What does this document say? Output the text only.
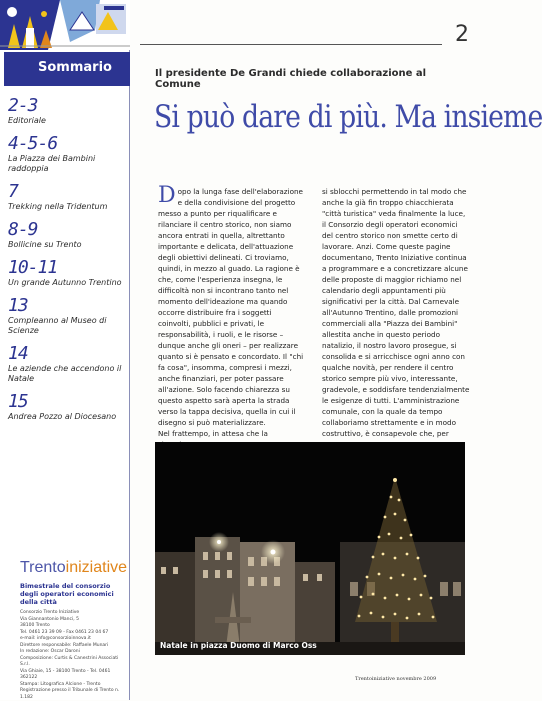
Sommario
2-3
Editoriale
4-5-6
La Piazza dei Bambini raddoppia
7
Trekking nella Tridentum
8-9
Bollicine su Trento
10-11
Un grande Autunno Trentino
13
Compleanno al Museo di Scienze
14
Le aziende che accendono il Natale
15
Andrea Pozzo al Diocesano
Trentoiniziative
Bimestrale del consorzio degli operatori economici della città
Consorzio Trento Iniziative
Via Giannantonio Manci, 5
38100 Trento
Tel. 0461 23 39 09 - Fax 0461 23 04 67
e-mail: info@consorzioinnova.it
Direttore responsabile: Raffaele Munari
In redazione: Oscar Daroni
Composizione: Curtis & Canestrini Associati S.r.l.
Via Ghiaie, 15 - 38100 Trento - Tel. 0461 362122
Stampa: Litografica Alcione - Trento
Registrazione presso il Tribunale di Trento n. 1.182
2
Il presidente De Grandi chiede collaborazione al Comune
Si può dare di più. Ma insieme
D opo la lunga fase dell'elaborazione e della condivisione del progetto messo a punto per riqualificare e rilanciare il centro storico, non siamo ancora entrati in quella, altrettanto importante e delicata, dell'attuazione degli obiettivi delineati. Ci troviamo, quindi, in mezzo al guado. La ragione è che, come l'esperienza insegna, le difficoltà non si incontrano tanto nel momento dell'ideazione ma quando occorre distribuire fra i soggetti coinvolti, pubblici e privati, le responsabilità, i ruoli, e le risorse – dunque anche gli oneri – per realizzare quanto si è pensato e concordato. Il "chi fa cosa", insomma, compresi i mezzi, anche finanziari, per poter passare all'azione. Solo facendo chiarezza su questo aspetto sarà aperta la strada verso la tappa decisiva, quella in cui il disegno si può materializzare.
Nel frattempo, in attesa che la
si sblocchi permettendo in tal modo che anche la già fin troppo chiacchierata "città turistica" veda finalmente la luce, il Consorzio degli operatori economici del centro storico non smette certo di lavorare. Anzi. Come queste pagine documentano, Trento Iniziative continua a programmare e a concretizzare alcune delle proposte di maggior richiamo nel calendario degli appuntamenti più significativi per la città. Dal Carnevale all'Autunno Trentino, dalle promozioni commerciali alla "Piazza dei Bambini" allestita anche in questo periodo natalizio, il nostro lavoro prosegue, si consolida e si arricchisce ogni anno con qualche novità, per rendere il centro storico sempre più vivo, interessante, gradevole, e soddisfare tendenzialmente le esigenze di tutti. L'amministrazione comunale, con la quale da tempo collaboriamo strettamente e in modo costruttivo, è consapevole che, per
Natale in piazza Duomo di Marco Oss
Trentoiniziative novembre 2009
